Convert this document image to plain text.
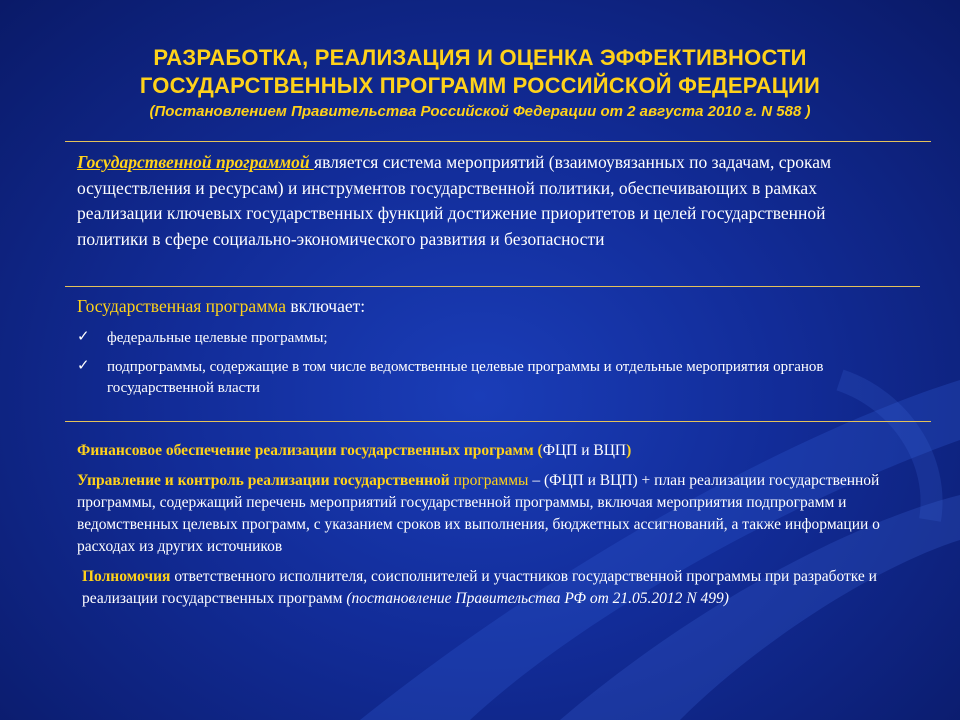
РАЗРАБОТКА, РЕАЛИЗАЦИЯ И ОЦЕНКА ЭФФЕКТИВНОСТИ
ГОСУДАРСТВЕННЫХ ПРОГРАММ РОССИЙСКОЙ ФЕДЕРАЦИИ
(Постановлением Правительства Российской Федерации от 2 августа 2010 г. N 588 )
Государственной программой является система мероприятий (взаимоувязанных по задачам, срокам осуществления и ресурсам) и инструментов государственной политики, обеспечивающих в рамках реализации ключевых государственных функций достижение приоритетов и целей государственной политики в сфере социально-экономического развития и безопасности
Государственная программа включает:
✓ федеральные целевые программы;
✓ подпрограммы, содержащие в том числе ведомственные целевые программы и отдельные мероприятия органов государственной власти

Финансовое обеспечение реализации государственных программ (ФЦП и ВЦП)

Управление и контроль реализации государственной программы – (ФЦП и ВЦП) + план реализации государственной программы, содержащий перечень мероприятий государственной программы, включая мероприятия подпрограмм и ведомственных целевых программ, с указанием сроков их выполнения, бюджетных ассигнований, а также информации о расходах из других источников

Полномочия ответственного исполнителя, соисполнителей и участников государственной программы при разработке и реализации государственных программ (постановление Правительства РФ от 21.05.2012 N 499)
